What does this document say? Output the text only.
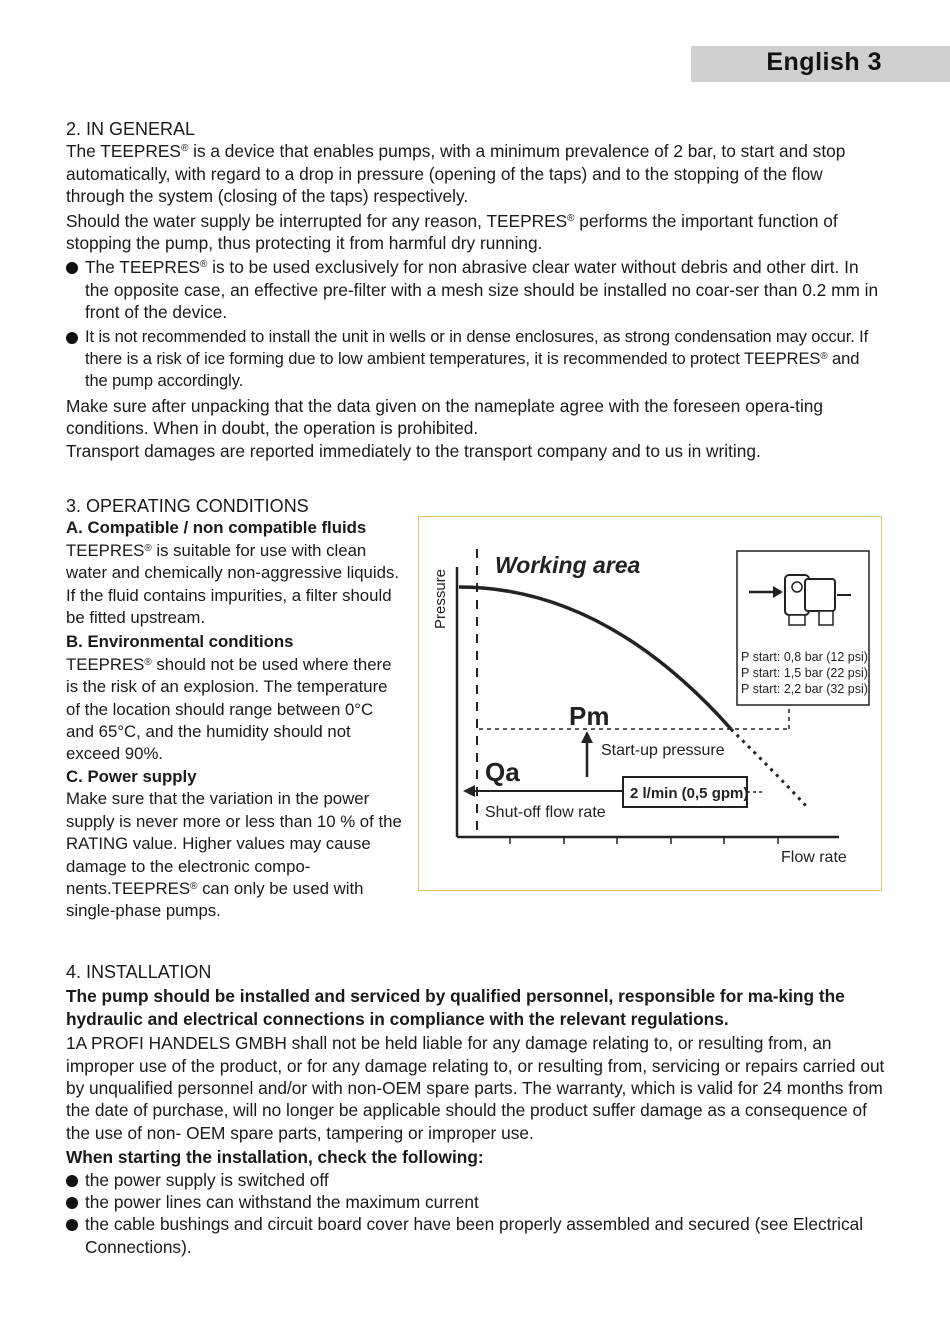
English 3

2. IN GENERAL

The TEEPRES® is a device that enables pumps, with a minimum prevalence of 2 bar, to start and stop automatically, with regard to a drop in pressure (opening of the taps) and to the stopping of the flow through the system (closing of the taps) respectively.

Should the water supply be interrupted for any reason, TEEPRES® performs the important function of stopping the pump, thus protecting it from harmful dry running.

The TEEPRES® is to be used exclusively for non abrasive clear water without debris and other dirt. In the opposite case, an effective pre-filter with a mesh size should be installed no coar-ser than 0.2 mm in front of the device.

It is not recommended to install the unit in wells or in dense enclosures, as strong condensation may occur. If there is a risk of ice forming due to low ambient temperatures, it is recommended to protect TEEPRES® and the pump accordingly.

Make sure after unpacking that the data given on the nameplate agree with the foreseen opera-ting conditions. When in doubt, the operation is prohibited.

Transport damages are reported immediately to the transport company and to us in writing.

3. OPERATING CONDITIONS

A. Compatible / non compatible fluids

TEEPRES® is suitable for use with clean water and chemically non-aggressive liquids. If the fluid contains impurities, a filter should be fitted upstream.

B. Environmental conditions

TEEPRES® should not be used where there is the risk of an explosion. The temperature of the location should range between 0°C and 65°C, and the humidity should not exceed 90%.

C. Power supply

Make sure that the variation in the power supply is never more or less than 10 % of the RATING value. Higher values may cause damage to the electronic compo-nents.TEEPRES® can only be used with single-phase pumps.

Pressure
Working area
Pm
Start-up pressure
Qa
Shut-off flow rate
2 l/min (0,5 gpm)
Flow rate
P start: 0,8 bar (12 psi)
P start: 1,5 bar (22 psi)
P start: 2,2 bar (32 psi)

4. INSTALLATION

The pump should be installed and serviced by qualified personnel, responsible for ma-king the hydraulic and electrical connections in compliance with the relevant regulations.

1A PROFI HANDELS GMBH shall not be held liable for any damage relating to, or resulting from, an improper use of the product, or for any damage relating to, or resulting from, servicing or repairs carried out by unqualified personnel and/or with non-OEM spare parts. The warranty, which is valid for 24 months from the date of purchase, will no longer be applicable should the product suffer damage as a consequence of the use of non- OEM spare parts, tampering or improper use.

When starting the installation, check the following:

the power supply is switched off

the power lines can withstand the maximum current

the cable bushings and circuit board cover have been properly assembled and secured (see Electrical Connections).
